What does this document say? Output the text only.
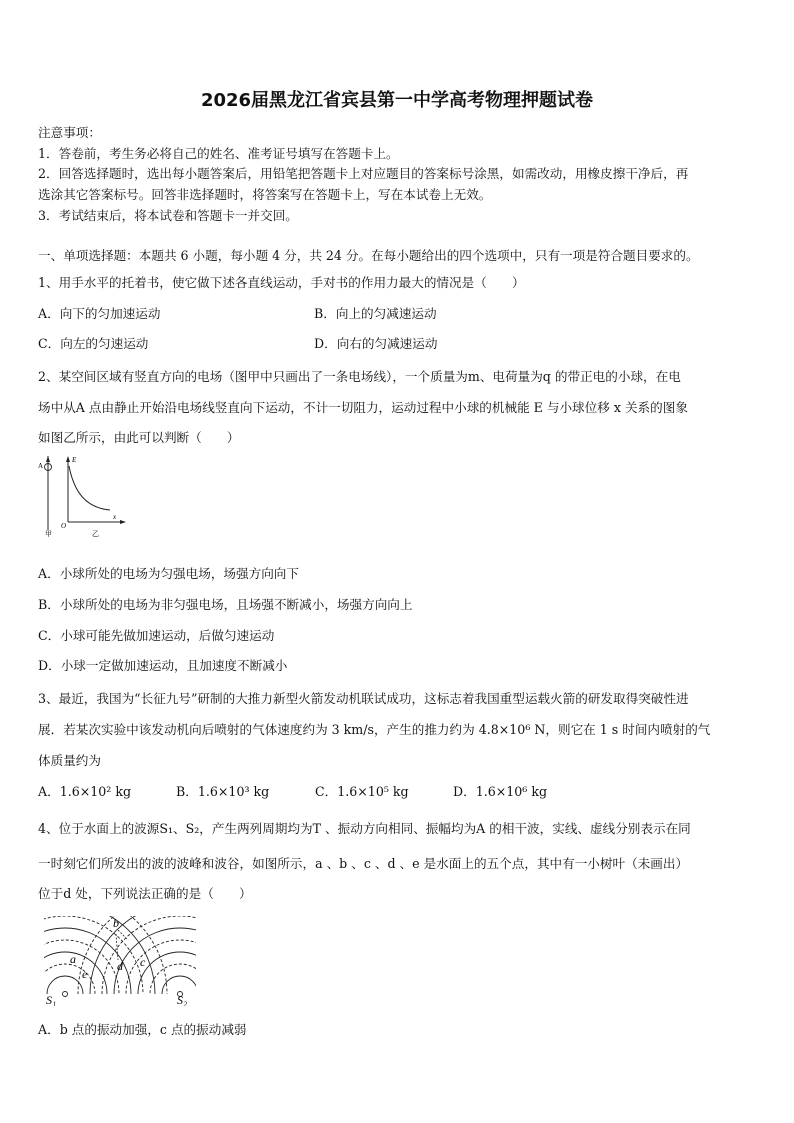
2026届黑龙江省宾县第一中学高考物理押题试卷
注意事项：
1．答卷前，考生务必将自己的姓名、准考证号填写在答题卡上。
2．回答选择题时，选出每小题答案后，用铅笔把答题卡上对应题目的答案标号涂黑，如需改动，用橡皮擦干净后，再
选涂其它答案标号。回答非选择题时，将答案写在答题卡上，写在本试卷上无效。
3．考试结束后，将本试卷和答题卡一并交回。
一、单项选择题：本题共 6 小题，每小题 4 分，共 24 分。在每小题给出的四个选项中，只有一项是符合题目要求的。
1、用手水平的托着书，使它做下述各直线运动，手对书的作用力最大的情况是（　　）
A．向下的匀加速运动	B．向上的匀减速运动
C．向左的匀速运动	D．向右的匀减速运动
2、某空间区域有竖直方向的电场（图甲中只画出了一条电场线），一个质量为m、电荷量为q 的带正电的小球，在电
场中从A 点由静止开始沿电场线竖直向下运动，不计一切阻力，运动过程中小球的机械能 E 与小球位移 x 关系的图象
如图乙所示，由此可以判断（　　）
A
甲
E
O
x
乙
A．小球所处的电场为匀强电场，场强方向向下
B．小球所处的电场为非匀强电场，且场强不断减小，场强方向向上
C．小球可能先做加速运动，后做匀速运动
D．小球一定做加速运动，且加速度不断减小
3、最近，我国为“长征九号”研制的大推力新型火箭发动机联试成功，这标志着我国重型运载火箭的研发取得突破性进
展．若某次实验中该发动机向后喷射的气体速度约为 3 km/s，产生的推力约为 4.8×10⁶ N，则它在 1 s 时间内喷射的气
体质量约为
A．1.6×10² kg	B．1.6×10³ kg	C．1.6×10⁵ kg	D．1.6×10⁶ kg
4、位于水面上的波源S₁、S₂，产生两列周期均为T 、振动方向相同、振幅均为A 的相干波，实线、虚线分别表示在同
一时刻它们所发出的波的波峰和波谷，如图所示，a 、b 、c 、d 、e 是水面上的五个点，其中有一小树叶（未画出）
位于d 处，下列说法正确的是（　　）
b
a
e
c
d
S₁	S₂
A．b 点的振动加强，c 点的振动减弱
